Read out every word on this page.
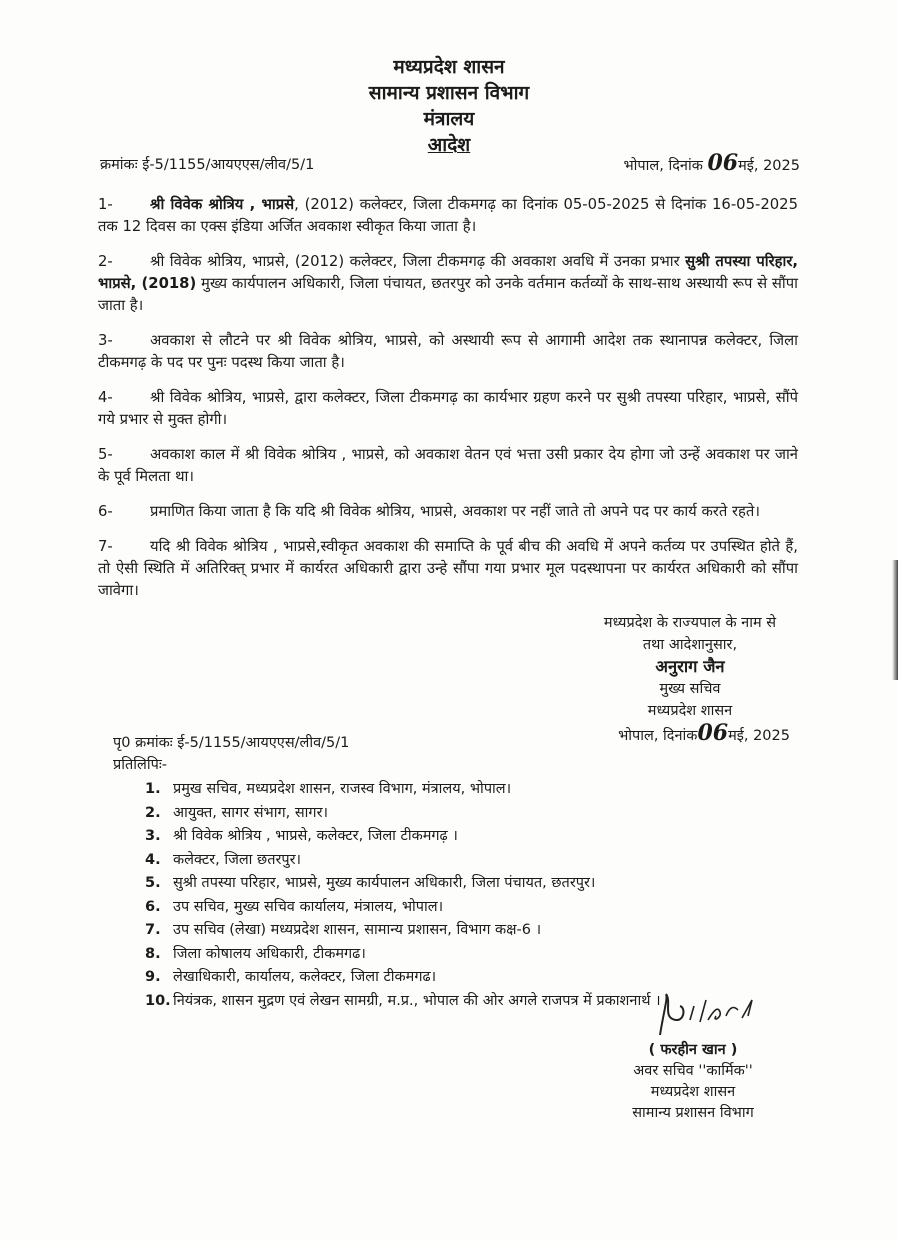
मध्यप्रदेश शासन
सामान्य प्रशासन विभाग
मंत्रालय
आदेश
क्रमांकः ई-5/1155/आयएएस/लीव/5/1	भोपाल, दिनांक 06मई, 2025

1-	श्री विवेक श्रोत्रिय , भाप्रसे, (2012) कलेक्टर, जिला टीकमगढ़ का दिनांक 05-05-2025 से दिनांक 16-05-2025 तक 12 दिवस का एक्स इंडिया अर्जित अवकाश स्वीकृत किया जाता है।

2-	श्री विवेक श्रोत्रिय, भाप्रसे, (2012) कलेक्टर, जिला टीकमगढ़ की अवकाश अवधि में उनका प्रभार सुश्री तपस्या परिहार, भाप्रसे, (2018) मुख्य कार्यपालन अधिकारी, जिला पंचायत, छतरपुर को उनके वर्तमान कर्तव्यों के साथ-साथ अस्थायी रूप से सौंपा जाता है।

3-	अवकाश से लौटने पर श्री विवेक श्रोत्रिय, भाप्रसे, को अस्थायी रूप से आगामी आदेश तक स्थानापन्न कलेक्टर, जिला टीकमगढ़ के पद पर पुनः पदस्थ किया जाता है।

4-	श्री विवेक श्रोत्रिय, भाप्रसे, द्वारा कलेक्टर, जिला टीकमगढ़ का कार्यभार ग्रहण करने पर सुश्री तपस्या परिहार, भाप्रसे, सौंपे गये प्रभार से मुक्त होगी।

5-	अवकाश काल में श्री विवेक श्रोत्रिय , भाप्रसे, को अवकाश वेतन एवं भत्ता उसी प्रकार देय होगा जो उन्हें अवकाश पर जाने के पूर्व मिलता था।

6-	प्रमाणित किया जाता है कि यदि श्री विवेक श्रोत्रिय, भाप्रसे, अवकाश पर नहीं जाते तो अपने पद पर कार्य करते रहते।

7-	यदि श्री विवेक श्रोत्रिय , भाप्रसे,स्वीकृत अवकाश की समाप्ति के पूर्व बीच की अवधि में अपने कर्तव्य पर उपस्थित होते हैं, तो ऐसी स्थिति में अतिरिक्त् प्रभार में कार्यरत अधिकारी द्वारा उन्हे सौंपा गया प्रभार मूल पदस्थापना पर कार्यरत अधिकारी को सौंपा जावेगा।

मध्यप्रदेश के राज्यपाल के नाम से
तथा आदेशानुसार,
अनुराग जैन
मुख्य सचिव
मध्यप्रदेश शासन
भोपाल, दिनांक06मई, 2025
पृ0 क्रमांकः ई-5/1155/आयएएस/लीव/5/1
प्रतिलिपिः-
1. प्रमुख सचिव, मध्यप्रदेश शासन, राजस्व विभाग, मंत्रालय, भोपाल।
2. आयुक्त, सागर संभाग, सागर।
3. श्री विवेक श्रोत्रिय , भाप्रसे, कलेक्टर, जिला टीकमगढ़ ।
4. कलेक्टर, जिला छतरपुर।
5. सुश्री तपस्या परिहार, भाप्रसे, मुख्य कार्यपालन अधिकारी, जिला पंचायत, छतरपुर।
6. उप सचिव, मुख्य सचिव कार्यालय, मंत्रालय, भोपाल।
7. उप सचिव (लेखा) मध्यप्रदेश शासन, सामान्य प्रशासन, विभाग कक्ष-6 ।
8. जिला कोषालय अधिकारी, टीकमगढ।
9. लेखाधिकारी, कार्यालय, कलेक्टर, जिला टीकमगढ।
10. नियंत्रक, शासन मुद्रण एवं लेखन सामग्री, म.प्र., भोपाल की ओर अगले राजपत्र में प्रकाशनार्थ ।
( फरहीन खान )
अवर सचिव ''कार्मिक''
मध्यप्रदेश शासन
सामान्य प्रशासन विभाग
